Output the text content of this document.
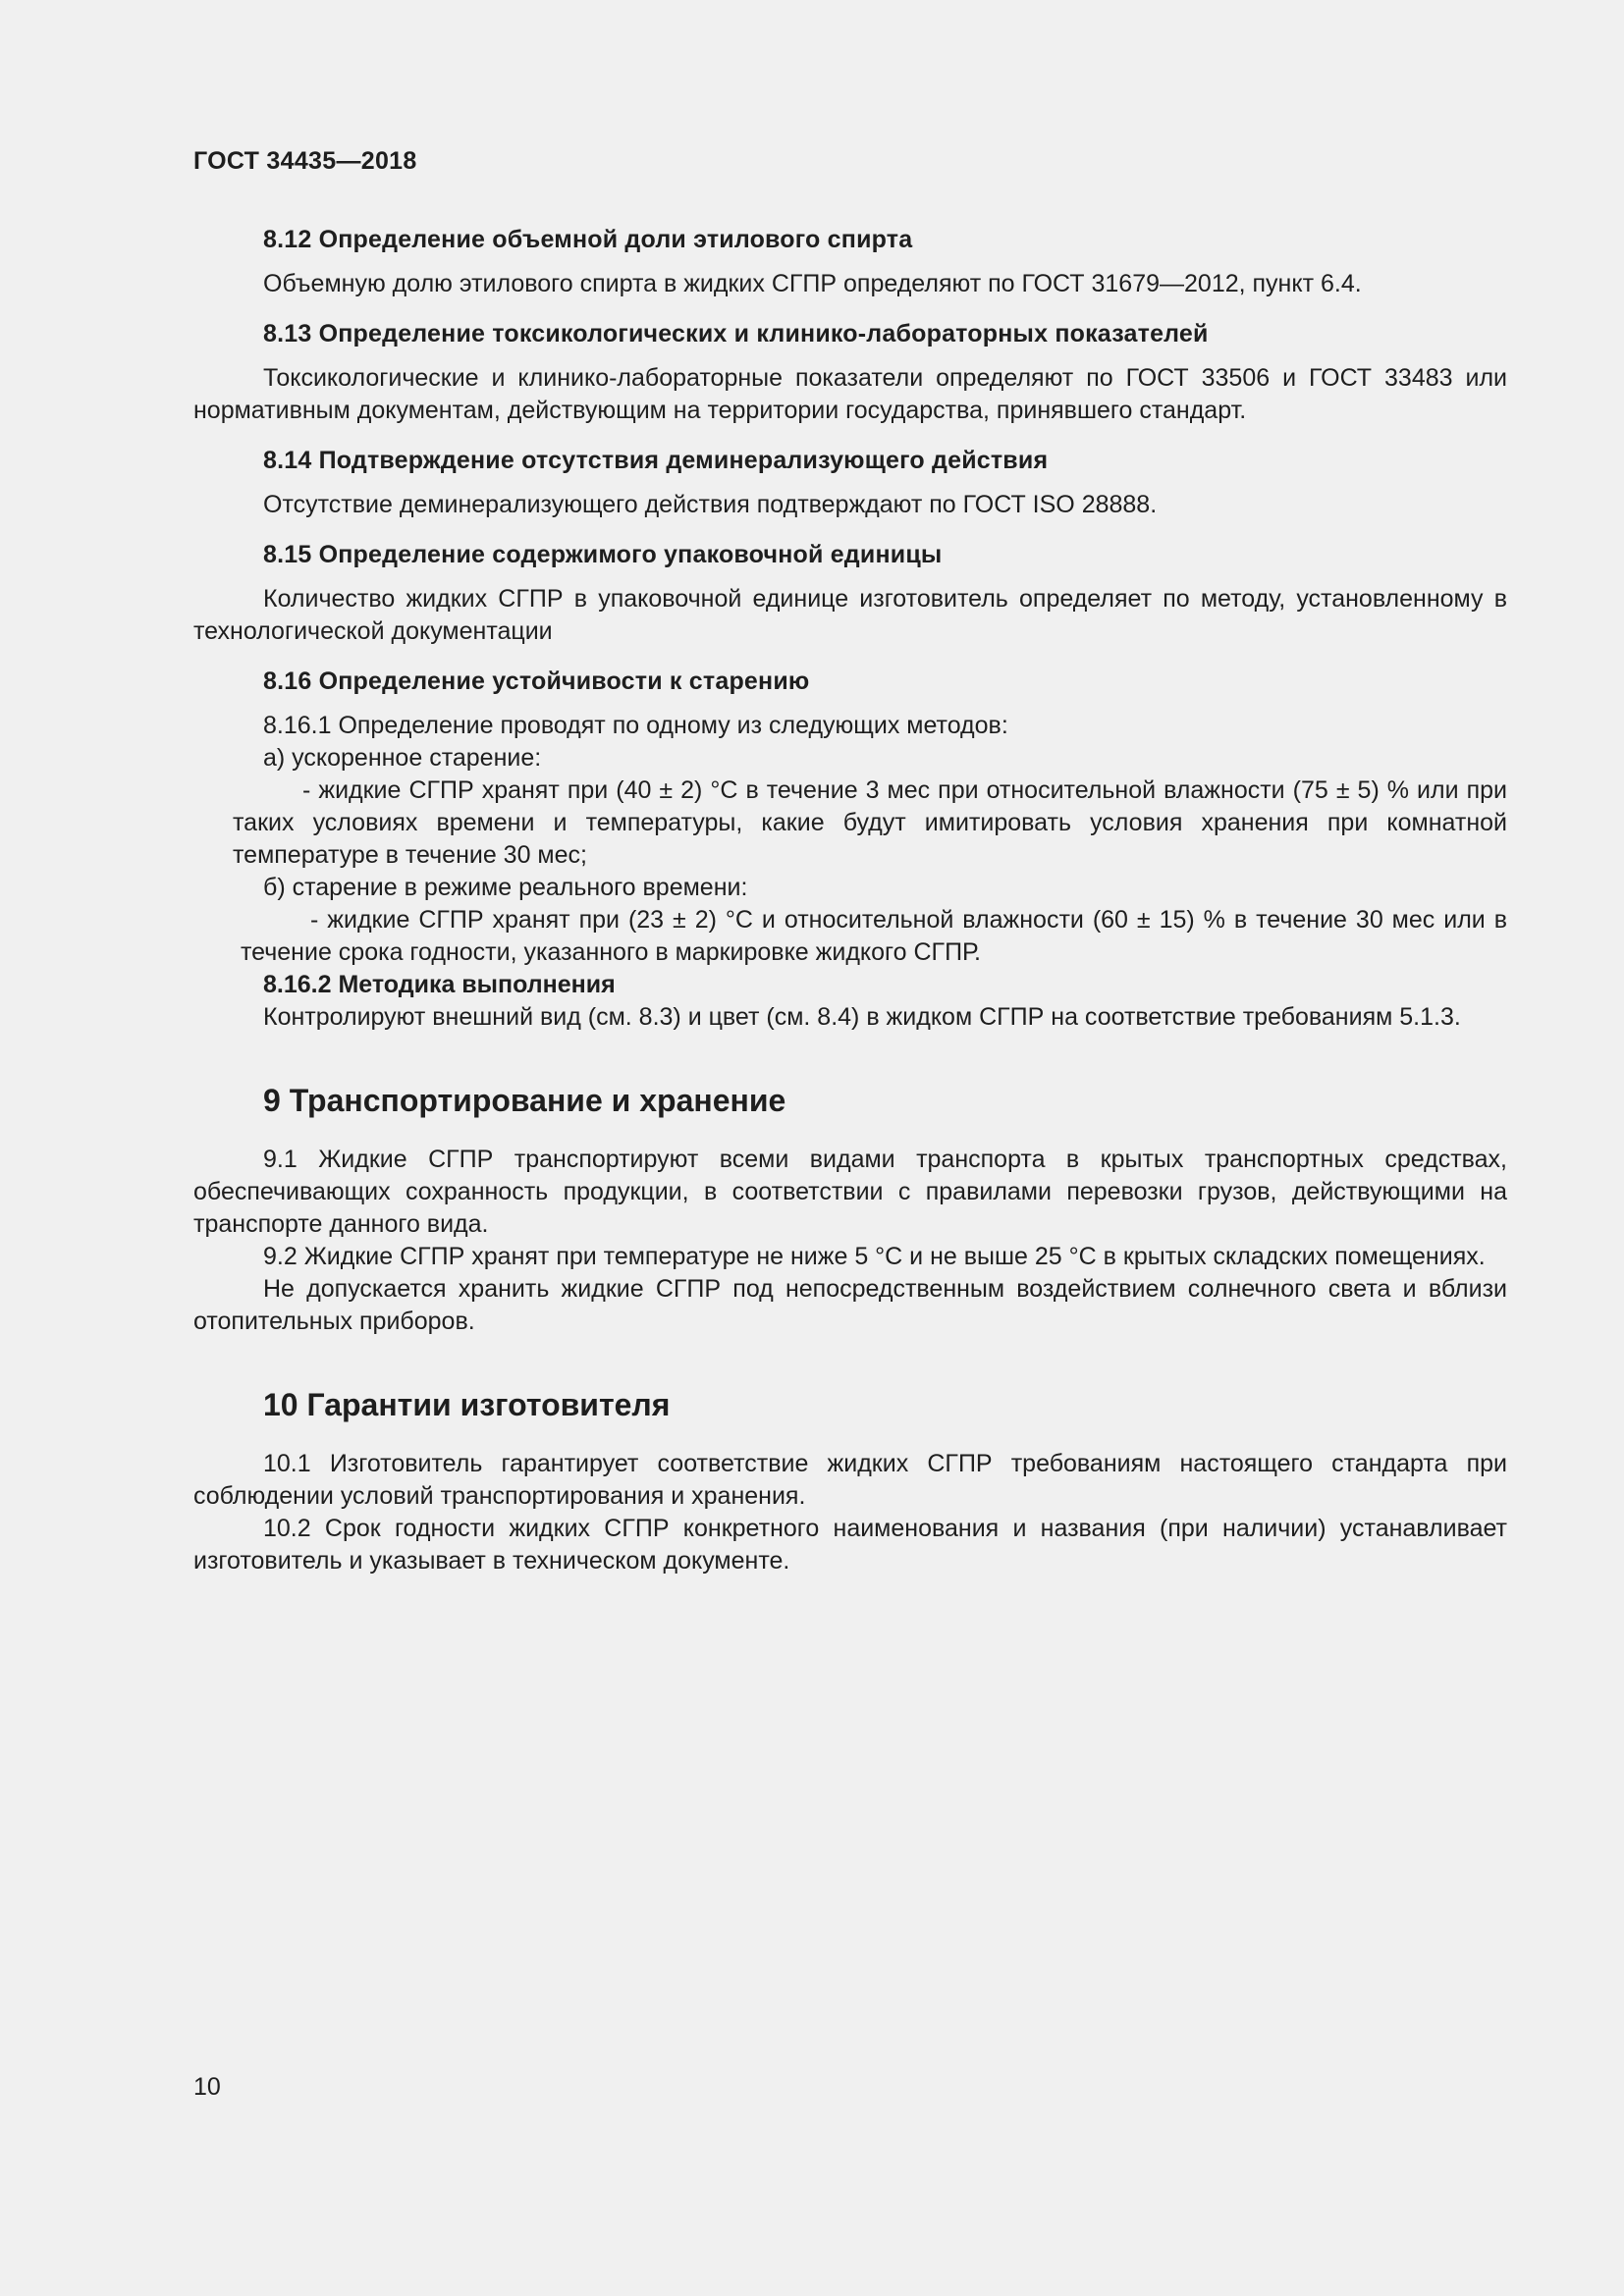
ГОСТ 34435—2018

8.12 Определение объемной доли этилового спирта

Объемную долю этилового спирта в жидких СГПР определяют по ГОСТ 31679—2012, пункт 6.4.

8.13 Определение токсикологических и клинико-лабораторных показателей

Токсикологические и клинико-лабораторные показатели определяют по ГОСТ 33506 и ГОСТ 33483 или нормативным документам, действующим на территории государства, принявшего стандарт.

8.14 Подтверждение отсутствия деминерализующего действия

Отсутствие деминерализующего действия подтверждают по ГОСТ ISO 28888.

8.15 Определение содержимого упаковочной единицы

Количество жидких СГПР в упаковочной единице изготовитель определяет по методу, установленному в технологической документации

8.16 Определение устойчивости к старению

8.16.1 Определение проводят по одному из следующих методов:

а) ускоренное старение:

- жидкие СГПР хранят при (40 ± 2) °С в течение 3 мес при относительной влажности (75 ± 5) % или при таких условиях времени и температуры, какие будут имитировать условия хранения при комнатной температуре в течение 30 мес;

б) старение в режиме реального времени:

- жидкие СГПР хранят при (23 ± 2) °С и относительной влажности (60 ± 15) % в течение 30 мес или в течение срока годности, указанного в маркировке жидкого СГПР.

8.16.2 Методика выполнения

Контролируют внешний вид (см. 8.3) и цвет (см. 8.4) в жидком СГПР на соответствие требованиям 5.1.3.

9 Транспортирование и хранение

9.1 Жидкие СГПР транспортируют всеми видами транспорта в крытых транспортных средствах, обеспечивающих сохранность продукции, в соответствии с правилами перевозки грузов, действующими на транспорте данного вида.

9.2 Жидкие СГПР хранят при температуре не ниже 5 °С и не выше 25 °С в крытых складских помещениях.

Не допускается хранить жидкие СГПР под непосредственным воздействием солнечного света и вблизи отопительных приборов.

10 Гарантии изготовителя

10.1 Изготовитель гарантирует соответствие жидких СГПР требованиям настоящего стандарта при соблюдении условий транспортирования и хранения.

10.2 Срок годности жидких СГПР конкретного наименования и названия (при наличии) устанавливает изготовитель и указывает в техническом документе.

10
